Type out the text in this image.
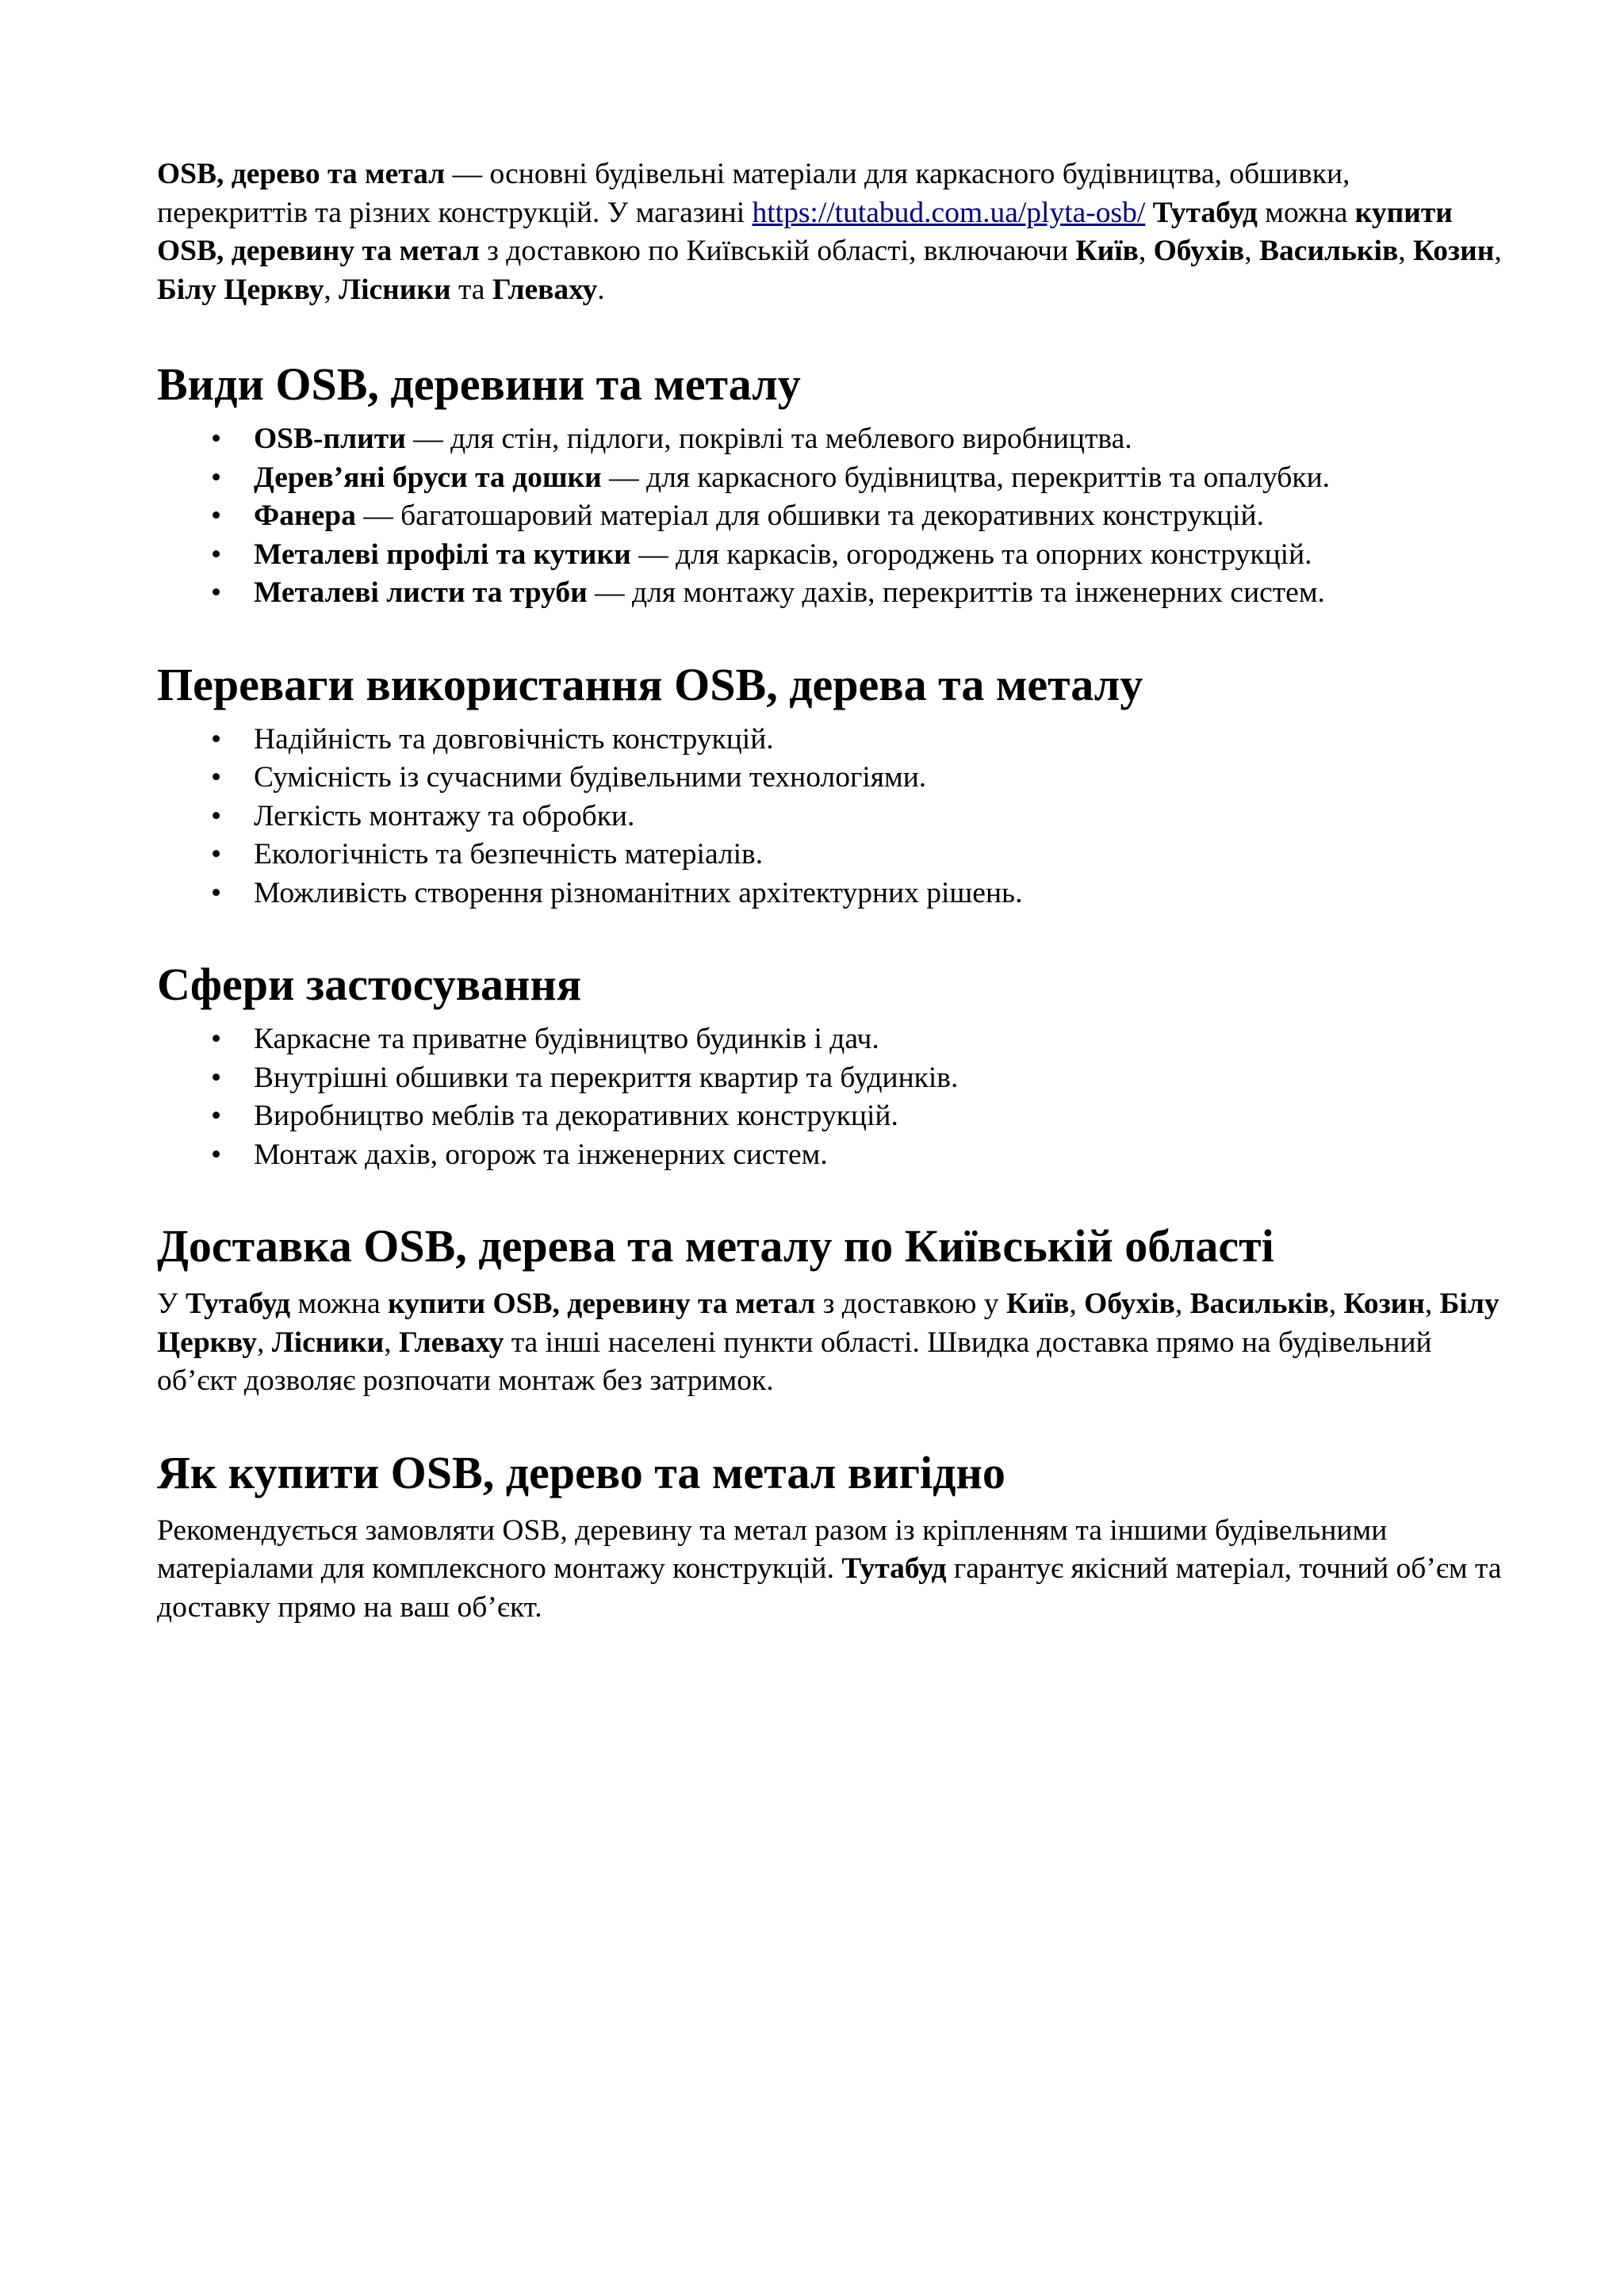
OSB, дерево та метал — основні будівельні матеріали для каркасного будівництва, обшивки, перекриттів та різних конструкцій. У магазині https://tutabud.com.ua/plyta-osb/ Тутабуд можна купити OSB, деревину та метал з доставкою по Київській області, включаючи Київ, Обухів, Васильків, Козин, Білу Церкву, Лісники та Глеваху.

Види OSB, деревини та металу
• OSB-плити — для стін, підлоги, покрівлі та меблевого виробництва.
• Дерев’яні бруси та дошки — для каркасного будівництва, перекриттів та опалубки.
• Фанера — багатошаровий матеріал для обшивки та декоративних конструкцій.
• Металеві профілі та кутики — для каркасів, огороджень та опорних конструкцій.
• Металеві листи та труби — для монтажу дахів, перекриттів та інженерних систем.
Переваги використання OSB, дерева та металу
• Надійність та довговічність конструкцій.
• Сумісність із сучасними будівельними технологіями.
• Легкість монтажу та обробки.
• Екологічність та безпечність матеріалів.
• Можливість створення різноманітних архітектурних рішень.
Сфери застосування
• Каркасне та приватне будівництво будинків і дач.
• Внутрішні обшивки та перекриття квартир та будинків.
• Виробництво меблів та декоративних конструкцій.
• Монтаж дахів, огорож та інженерних систем.
Доставка OSB, дерева та металу по Київській області

У Тутабуд можна купити OSB, деревину та метал з доставкою у Київ, Обухів, Васильків, Козин, Білу Церкву, Лісники, Глеваху та інші населені пункти області. Швидка доставка прямо на будівельний об’єкт дозволяє розпочати монтаж без затримок.

Як купити OSB, дерево та метал вигідно

Рекомендується замовляти OSB, деревину та метал разом із кріпленням та іншими будівельними матеріалами для комплексного монтажу конструкцій. Тутабуд гарантує якісний матеріал, точний об’єм та доставку прямо на ваш об’єкт.
